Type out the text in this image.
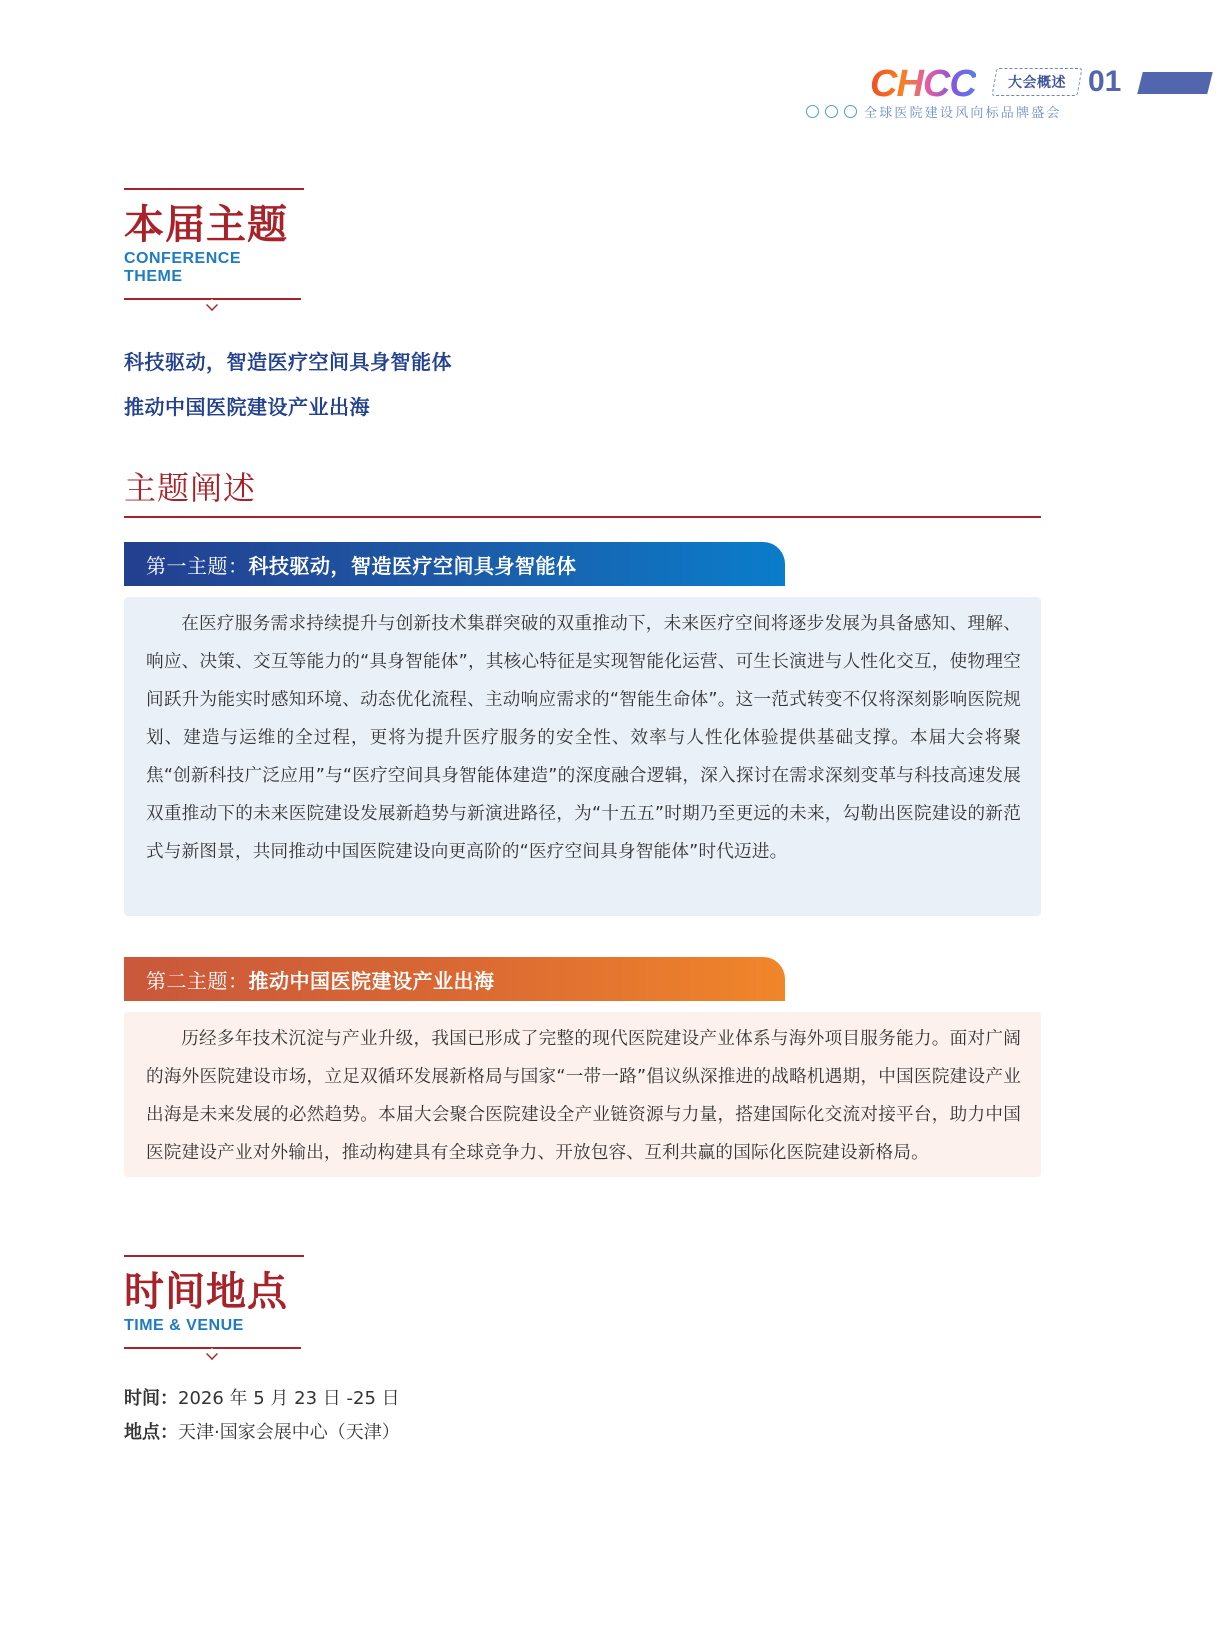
CHCC 大会概述 01
全球医院建设风向标品牌盛会
本届主题
CONFERENCE
THEME
科技驱动，智造医疗空间具身智能体
推动中国医院建设产业出海
主题阐述
第一主题： 科技驱动，智造医疗空间具身智能体

在医疗服务需求持续提升与创新技术集群突破的双重推动下，未来医疗空间将逐步发展为具备感知、理解、响应、决策、交互等能力的“具身智能体”，其核心特征是实现智能化运营、可生长演进与人性化交互，使物理空间跃升为能实时感知环境、动态优化流程、主动响应需求的“智能生命体”。这一范式转变不仅将深刻影响医院规划、建造与运维的全过程，更将为提升医疗服务的安全性、效率与人性化体验提供基础支撑。本届大会将聚焦“创新科技广泛应用”与“医疗空间具身智能体建造”的深度融合逻辑，深入探讨在需求深刻变革与科技高速发展双重推动下的未来医院建设发展新趋势与新演进路径，为“十五五”时期乃至更远的未来，勾勒出医院建设的新范式与新图景，共同推动中国医院建设向更高阶的“医疗空间具身智能体”时代迈进。

第二主题： 推动中国医院建设产业出海

历经多年技术沉淀与产业升级，我国已形成了完整的现代医院建设产业体系与海外项目服务能力。面对广阔的海外医院建设市场，立足双循环发展新格局与国家“一带一路”倡议纵深推进的战略机遇期，中国医院建设产业出海是未来发展的必然趋势。本届大会聚合医院建设全产业链资源与力量，搭建国际化交流对接平台，助力中国医院建设产业对外输出，推动构建具有全球竞争力、开放包容、互利共赢的国际化医院建设新格局。

时间地点
TIME & VENUE
时间：2026 年 5 月 23 日 -25 日
地点：天津·国家会展中心（天津）
